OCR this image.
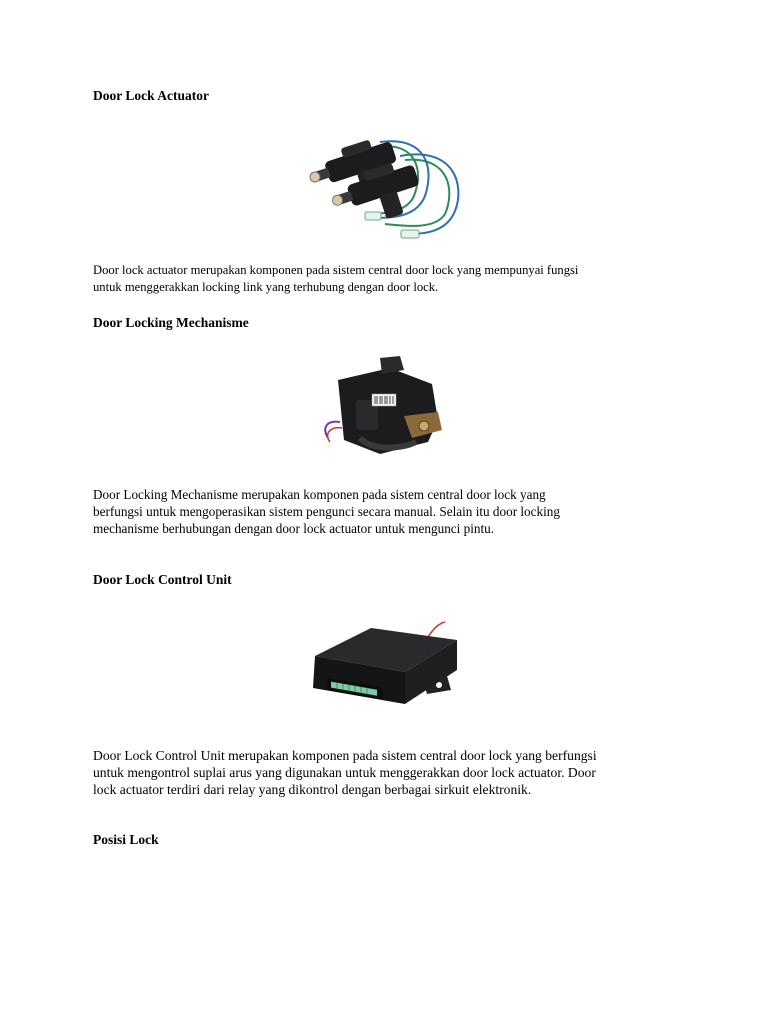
Door Lock Actuator
Door lock actuator merupakan komponen pada sistem central door lock yang mempunyai fungsi
untuk menggerakkan locking link yang terhubung dengan door lock.
Door Locking Mechanisme
Door Locking Mechanisme merupakan komponen pada sistem central door lock yang
berfungsi untuk mengoperasikan sistem pengunci secara manual. Selain itu door locking
mechanisme berhubungan dengan door lock actuator untuk mengunci pintu.
Door Lock Control Unit
Door Lock Control Unit merupakan komponen pada sistem central door lock yang berfungsi
untuk mengontrol suplai arus yang digunakan untuk menggerakkan door lock actuator. Door
lock actuator terdiri dari relay yang dikontrol dengan berbagai sirkuit elektronik.
Posisi Lock
